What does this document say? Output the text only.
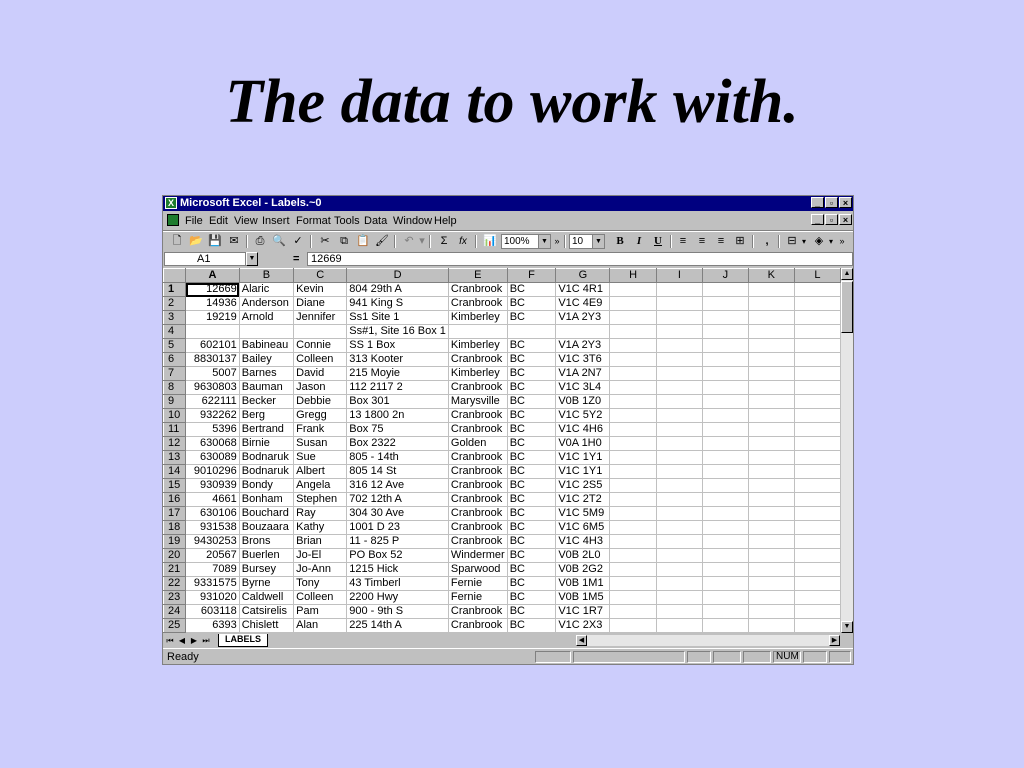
The data to work with.
X Microsoft Excel - Labels.~0	_	▫	×
File Edit View Insert Format Tools Data Window Help	_	▫	×
🗋 📂 💾 ✉	⎙ 🔍 ✓	✂ ⧉ 📋 🖌	↶ ▾	Σ	fx	📊 100%	▼ »	10	▼	B	I	U	≡	≡	≡	⊞	,	⊟ ▾ ◈ ▾ »
A1	▼	=	12669
	A	B	C	D	E	F	G	H	I	J	K	L
1	12669	Alaric	Kevin	804 29th A	Cranbrook	BC	V1C 4R1					
2	14936	Anderson	Diane	941 King S	Cranbrook	BC	V1C 4E9					
3	19219	Arnold	Jennifer	Ss1 Site 1	Kimberley	BC	V1A 2Y3					
4				Ss#1, Site 16 Box 1								
5	602101	Babineau	Connie	SS 1 Box	Kimberley	BC	V1A 2Y3					
6	8830137	Bailey	Colleen	313 Kooter	Cranbrook	BC	V1C 3T6					
7	5007	Barnes	David	215 Moyie	Kimberley	BC	V1A 2N7					
8	9630803	Bauman	Jason	112 2117 2	Cranbrook	BC	V1C 3L4					
9	622111	Becker	Debbie	Box 301	Marysville	BC	V0B 1Z0					
10	932262	Berg	Gregg	13 1800 2n	Cranbrook	BC	V1C 5Y2					
11	5396	Bertrand	Frank	Box 75	Cranbrook	BC	V1C 4H6					
12	630068	Birnie	Susan	Box 2322	Golden	BC	V0A 1H0					
13	630089	Bodnaruk	Sue	805 - 14th	Cranbrook	BC	V1C 1Y1					
14	9010296	Bodnaruk	Albert	805 14 St	Cranbrook	BC	V1C 1Y1					
15	930939	Bondy	Angela	316 12 Ave	Cranbrook	BC	V1C 2S5					
16	4661	Bonham	Stephen	702 12th A	Cranbrook	BC	V1C 2T2					
17	630106	Bouchard	Ray	304 30 Ave	Cranbrook	BC	V1C 5M9					
18	931538	Bouzaara	Kathy	1001 D 23	Cranbrook	BC	V1C 6M5					
19	9430253	Brons	Brian	11 - 825 P	Cranbrook	BC	V1C 4H3					
20	20567	Buerlen	Jo-El	PO Box 52	Windermer	BC	V0B 2L0					
21	7089	Bursey	Jo-Ann	1215 Hick	Sparwood	BC	V0B 2G2					
22	9331575	Byrne	Tony	43 Timberl	Fernie	BC	V0B 1M1					
23	931020	Caldwell	Colleen	2200 Hwy	Fernie	BC	V0B 1M5					
24	603118	Catsirelis	Pam	900 - 9th S	Cranbrook	BC	V1C 1R7					
25	6393	Chislett	Alan	225 14th A	Cranbrook	BC	V1C 2X3					

▲
▼
⏮ ◀ ▶ ⏭	LABELS	◀	▶
Ready	NUM
